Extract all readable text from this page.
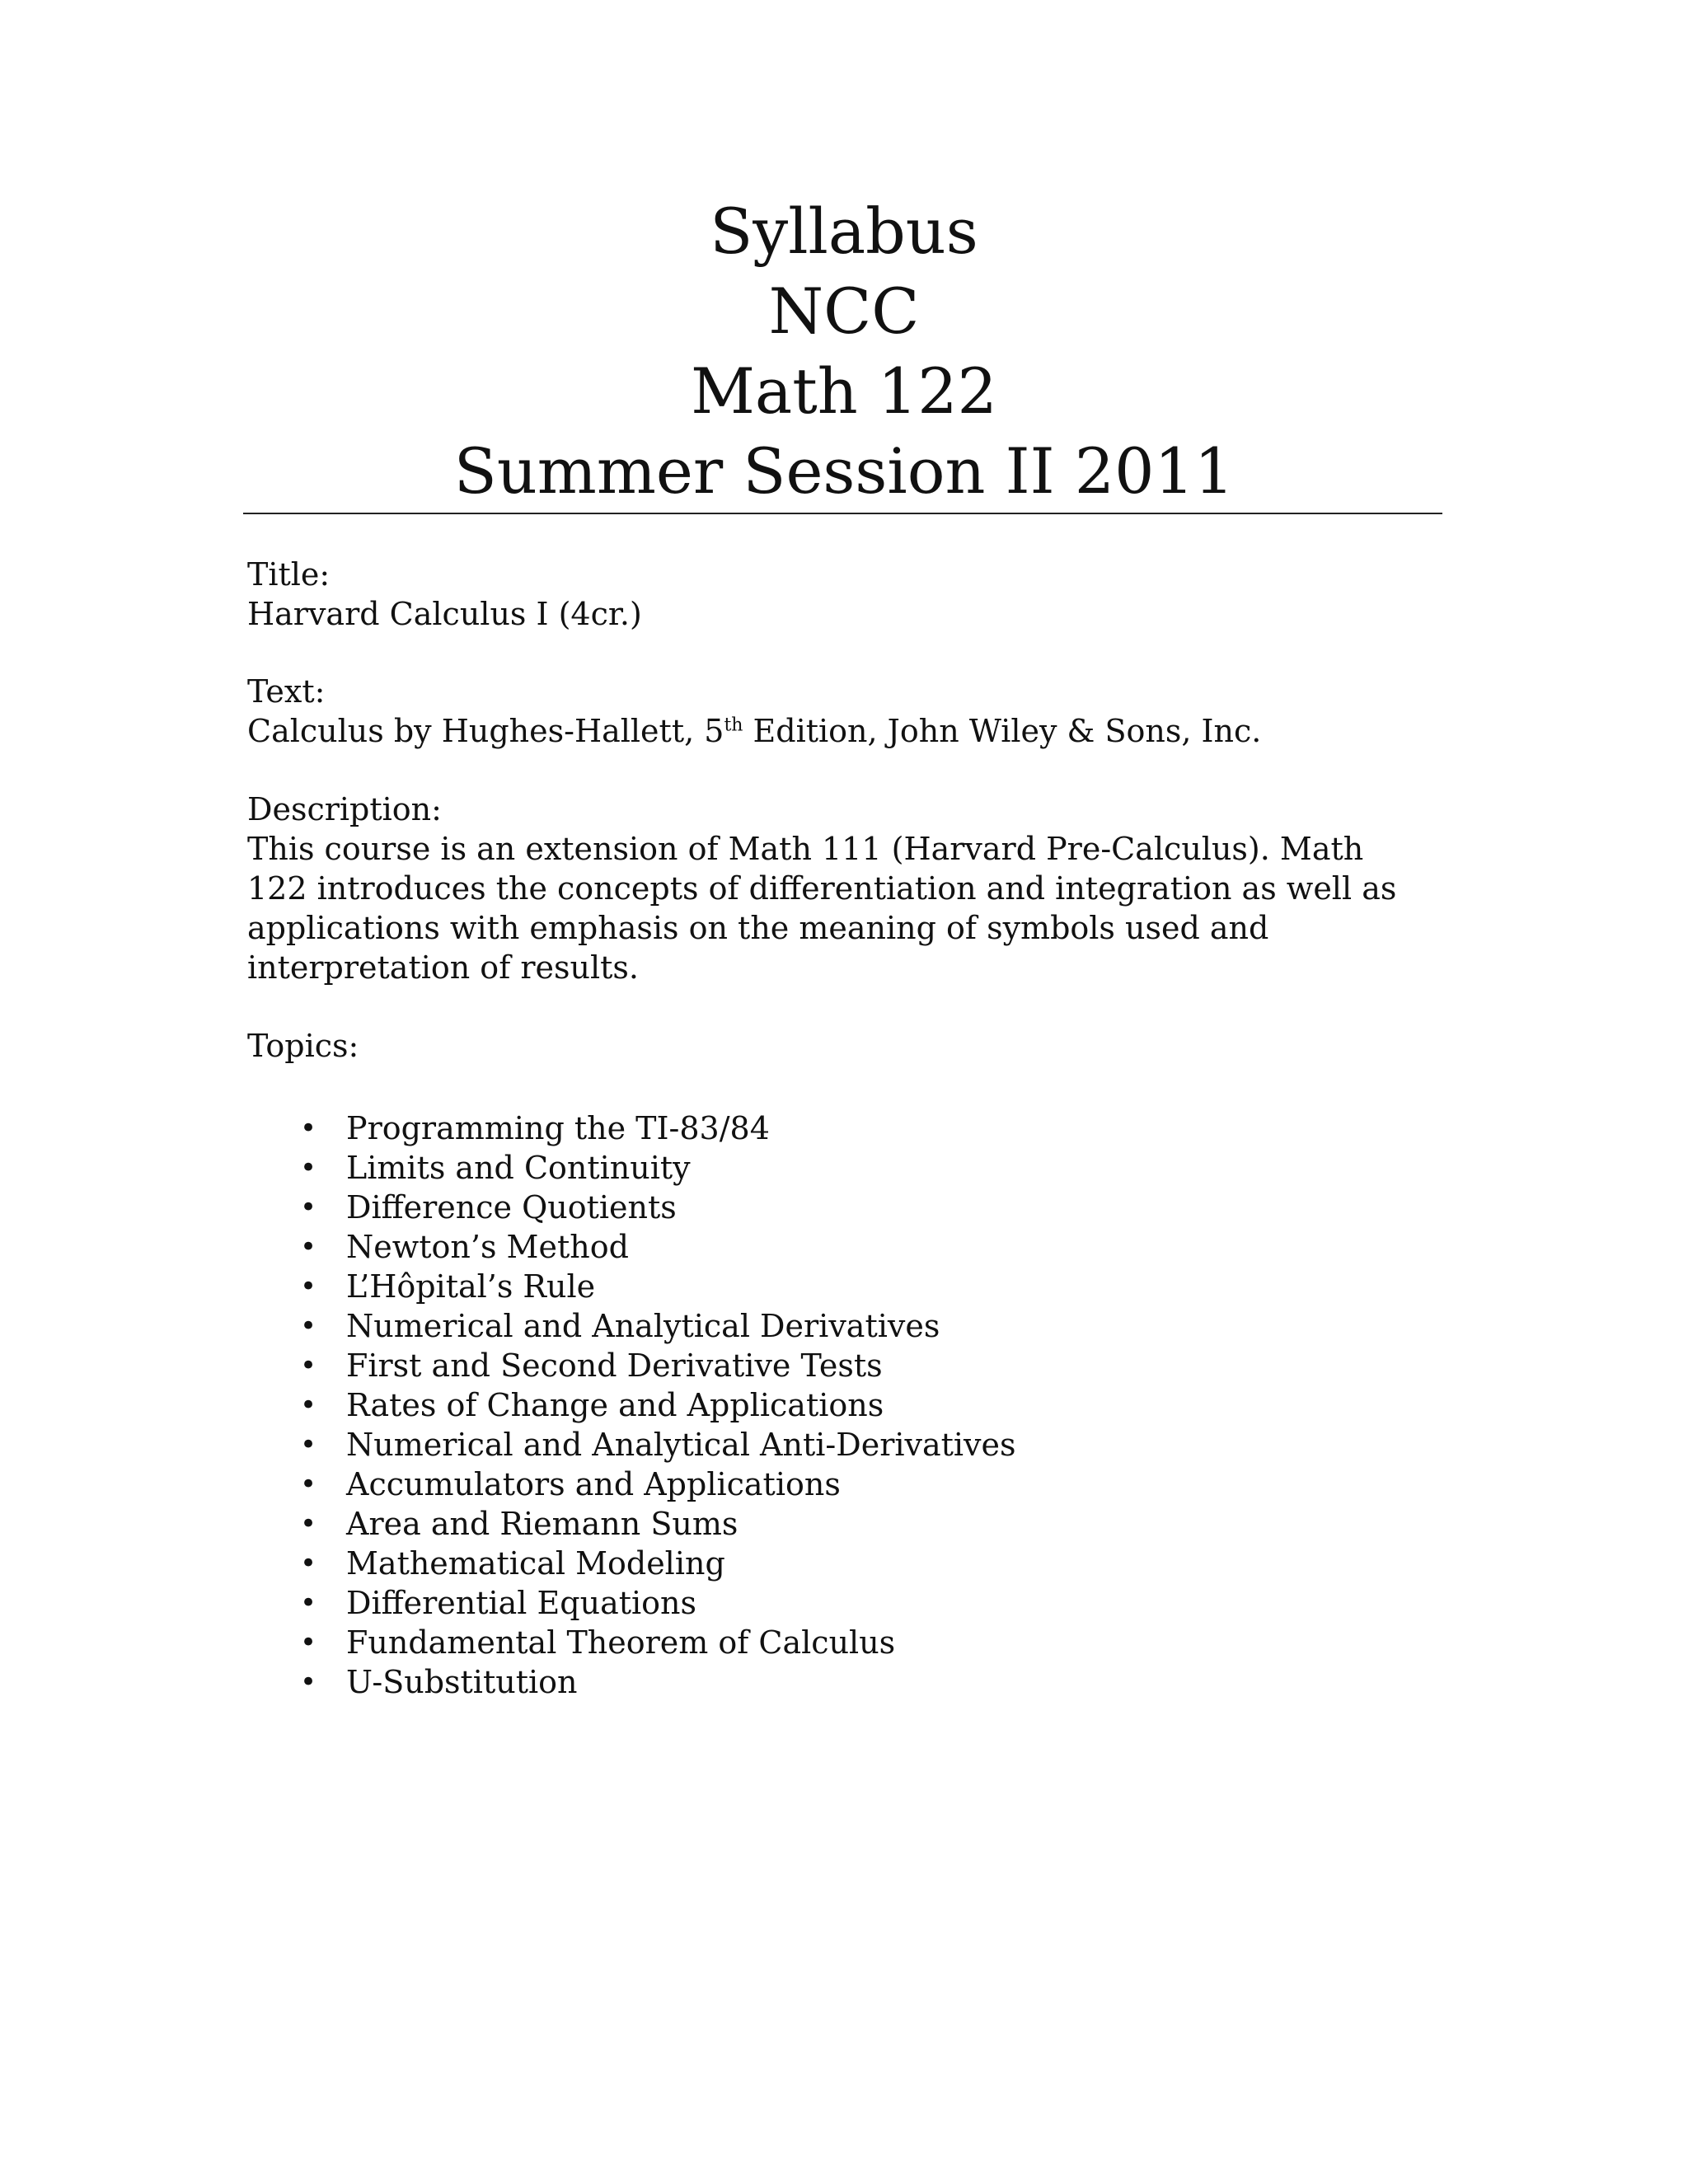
Syllabus
NCC
Math 122
Summer Session II 2011
Title:
Harvard Calculus I (4cr.)
Text:
Calculus by Hughes-Hallett, 5th Edition, John Wiley & Sons, Inc.
Description:
This course is an extension of Math 111 (Harvard Pre-Calculus). Math 122 introduces the concepts of differentiation and integration as well as applications with emphasis on the meaning of symbols used and interpretation of results.
Topics:
• Programming the TI-83/84
• Limits and Continuity
• Difference Quotients
• Newton’s Method
• L’Hôpital’s Rule
• Numerical and Analytical Derivatives
• First and Second Derivative Tests
• Rates of Change and Applications
• Numerical and Analytical Anti-Derivatives
• Accumulators and Applications
• Area and Riemann Sums
• Mathematical Modeling
• Differential Equations
• Fundamental Theorem of Calculus
• U-Substitution
